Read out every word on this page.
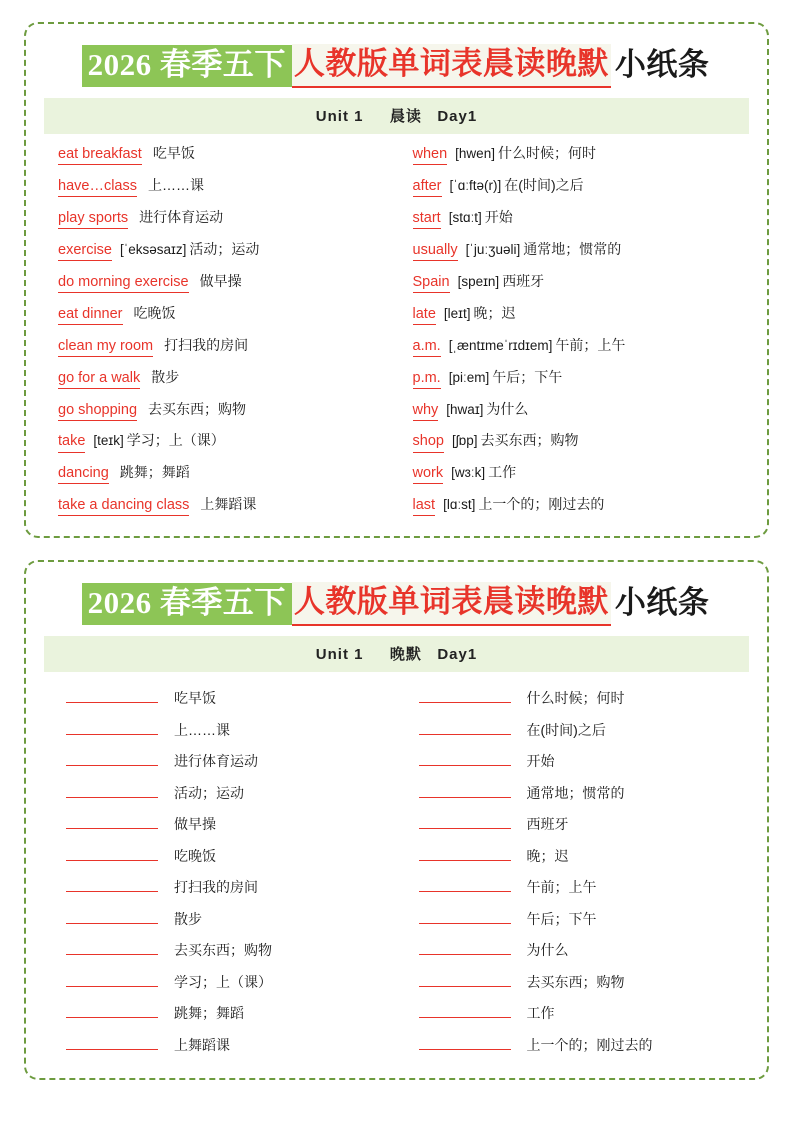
2026 春季五下 人教版单词表晨读晚默 小纸条
Unit 1 晨读 Day1
eat breakfast 吃早饭
have…class 上……课
play sports 进行体育运动
exercise [ˈeksəsaɪz] 活动；运动
do morning exercise 做早操
eat dinner 吃晚饭
clean my room 打扫我的房间
go for a walk 散步
go shopping 去买东西；购物
take [teɪk] 学习；上（课）
dancing 跳舞；舞蹈
take a dancing class 上舞蹈课
when [hwen] 什么时候；何时
after [ˈɑːftə(r)] 在(时间)之后
start [stɑːt] 开始
usually [ˈjuːʒuəli] 通常地；惯常的
Spain [speɪn] 西班牙
late [leɪt] 晚；迟
a.m. [ˌæntɪmeˈrɪdɪem] 午前；上午
p.m. [piːem] 午后；下午
why [hwaɪ] 为什么
shop [ʃɒp] 去买东西；购物
work [wɜːk] 工作
last [lɑːst] 上一个的；刚过去的
2026 春季五下 人教版单词表晨读晚默 小纸条
Unit 1 晚默 Day1
吃早饭
上……课
进行体育运动
活动；运动
做早操
吃晚饭
打扫我的房间
散步
去买东西；购物
学习；上（课）
跳舞；舞蹈
上舞蹈课
什么时候；何时
在(时间)之后
开始
通常地；惯常的
西班牙
晚；迟
午前；上午
午后；下午
为什么
去买东西；购物
工作
上一个的；刚过去的
